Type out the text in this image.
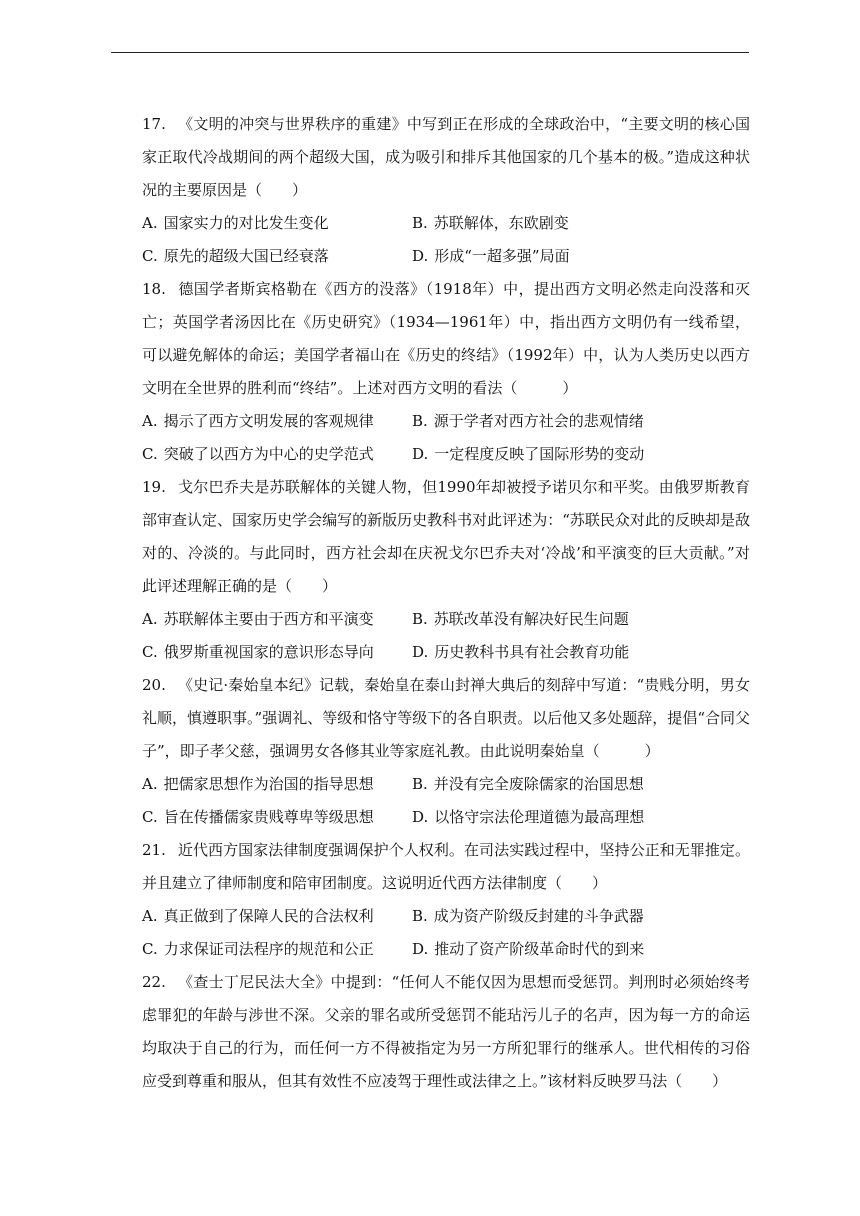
17. 《文明的冲突与世界秩序的重建》中写到正在形成的全球政治中，“主要文明的核心国家正取代冷战期间的两个超级大国，成为吸引和排斥其他国家的几个基本的极。”造成这种状况的主要原因是（　　）
A. 国家实力的对比发生变化	B. 苏联解体，东欧剧变
C. 原先的超级大国已经衰落	D. 形成“一超多强”局面
18. 德国学者斯宾格勒在《西方的没落》（1918年）中，提出西方文明必然走向没落和灭亡；英国学者汤因比在《历史研究》（1934—1961年）中，指出西方文明仍有一线希望，可以避免解体的命运；美国学者福山在《历史的终结》（1992年）中，认为人类历史以西方文明在全世界的胜利而“终结”。上述对西方文明的看法（　　　）
A. 揭示了西方文明发展的客观规律	B. 源于学者对西方社会的悲观情绪
C. 突破了以西方为中心的史学范式	D. 一定程度反映了国际形势的变动
19. 戈尔巴乔夫是苏联解体的关键人物，但1990年却被授予诺贝尔和平奖。由俄罗斯教育部审查认定、国家历史学会编写的新版历史教科书对此评述为：“苏联民众对此的反映却是敌对的、冷淡的。与此同时，西方社会却在庆祝戈尔巴乔夫对‘冷战’和平演变的巨大贡献。”对此评述理解正确的是（　　）
A. 苏联解体主要由于西方和平演变	B. 苏联改革没有解决好民生问题
C. 俄罗斯重视国家的意识形态导向	D. 历史教科书具有社会教育功能
20. 《史记·秦始皇本纪》记载，秦始皇在泰山封禅大典后的刻辞中写道：“贵贱分明，男女礼顺，慎遵职事。”强调礼、等级和恪守等级下的各自职责。以后他又多处题辞，提倡“合同父子”，即子孝父慈，强调男女各修其业等家庭礼教。由此说明秦始皇（　　　）
A. 把儒家思想作为治国的指导思想	B. 并没有完全废除儒家的治国思想
C. 旨在传播儒家贵贱尊卑等级思想	D. 以恪守宗法伦理道德为最高理想
21. 近代西方国家法律制度强调保护个人权利。在司法实践过程中，坚持公正和无罪推定。并且建立了律师制度和陪审团制度。这说明近代西方法律制度（　　）
A. 真正做到了保障人民的合法权利	B. 成为资产阶级反封建的斗争武器
C. 力求保证司法程序的规范和公正	D. 推动了资产阶级革命时代的到来
22. 《查士丁尼民法大全》中提到：“任何人不能仅因为思想而受惩罚。判刑时必须始终考虑罪犯的年龄与涉世不深。父亲的罪名或所受惩罚不能玷污儿子的名声，因为每一方的命运均取决于自己的行为，而任何一方不得被指定为另一方所犯罪行的继承人。世代相传的习俗应受到尊重和服从，但其有效性不应凌驾于理性或法律之上。”该材料反映罗马法（　　）
